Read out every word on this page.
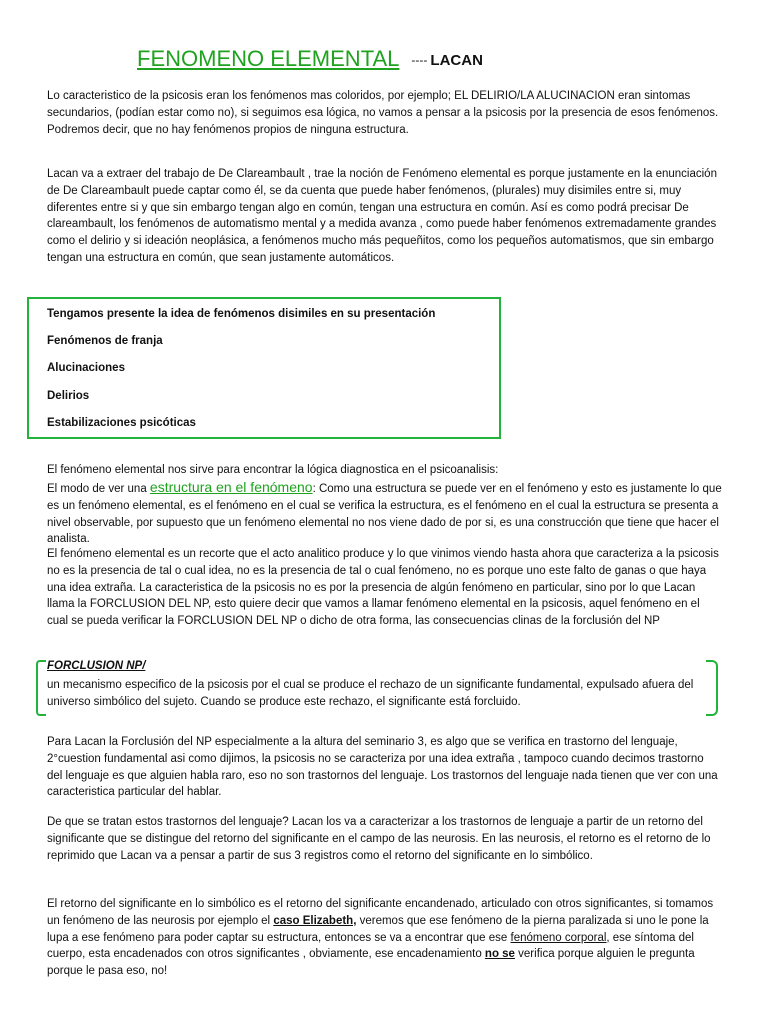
FENOMENO ELEMENTAL ---- LACAN
Lo caracteristico de la psicosis eran los fenómenos mas coloridos, por ejemplo; EL DELIRIO/LA ALUCINACION eran sintomas secundarios, (podían estar como no), si seguimos esa lógica, no vamos a pensar a la psicosis por la presencia de esos fenómenos.
Podremos decir, que no hay fenómenos propios de ninguna estructura.
Lacan va a extraer del trabajo de De Clareambault , trae la noción de Fenómeno elemental es porque justamente en la enunciación de De Clareambault puede captar como él, se da cuenta que puede haber fenómenos, (plurales) muy disimiles entre si, muy diferentes entre si y que sin embargo tengan algo en común, tengan una estructura en común. Así es como podrá precisar De clareambault, los fenómenos de automatismo mental y a medida avanza , como puede haber fenómenos extremadamente grandes como el delirio y si ideación neoplásica, a fenómenos mucho más pequeñitos, como los pequeños automatismos, que sin embargo tengan una estructura en común, que sean justamente automáticos.
Tengamos presente la idea de fenómenos disimiles en su presentación
Fenómenos de franja
Alucinaciones
Delirios
Estabilizaciones psicóticas
El fenómeno elemental nos sirve para encontrar la lógica diagnostica en el psicoanalisis:
El modo de ver una estructura en el fenómeno: Como una estructura se puede ver en el fenómeno y esto es justamente lo que es un fenómeno elemental, es el fenómeno en el cual se verifica la estructura, es el fenómeno en el cual la estructura se presenta a nivel observable, por supuesto que un fenómeno elemental no nos viene dado de por si, es una construcción que tiene que hacer el analista.
El fenómeno elemental es un recorte que el acto analitico produce y lo que vinimos viendo hasta ahora que caracteriza a la psicosis no es la presencia de tal o cual idea, no es la presencia de tal o cual fenómeno, no es porque uno este falto de ganas o que haya una idea extraña. La caracteristica de la psicosis no es por la presencia de algún fenómeno en particular, sino por lo que Lacan llama la FORCLUSION DEL NP, esto quiere decir que vamos a llamar fenómeno elemental en la psicosis, aquel fenómeno en el cual se pueda verificar la FORCLUSION DEL NP o dicho de otra forma, las consecuencias clinas de la forclusión del NP
FORCLUSION NP/
un mecanismo especifico de la psicosis por el cual se produce el rechazo de un significante fundamental, expulsado afuera del universo simbólico del sujeto. Cuando se produce este rechazo, el significante está forcluido.
Para Lacan la Forclusión del NP especialmente a la altura del seminario 3, es algo que se verifica en trastorno del lenguaje, 2°cuestion fundamental asi como dijimos, la psicosis no se caracteriza por una idea extraña , tampoco cuando decimos trastorno del lenguaje es que alguien habla raro, eso no son trastornos del lenguaje. Los trastornos del lenguaje nada tienen que ver con una caracteristica particular del hablar.
De que se tratan estos trastornos del lenguaje? Lacan los va a caracterizar a los trastornos de lenguaje a partir de un retorno del significante que se distingue del retorno del significante en el campo de las neurosis. En las neurosis, el retorno es el retorno de lo reprimido que Lacan va a pensar a partir de sus 3 registros como el retorno del significante en lo simbólico.
El retorno del significante en lo simbólico es el retorno del significante encandenado, articulado con otros significantes, si tomamos un fenómeno de las neurosis por ejemplo el caso Elizabeth, veremos que ese fenómeno de la pierna paralizada si uno le pone la lupa a ese fenómeno para poder captar su estructura, entonces se va a encontrar que ese fenómeno corporal, ese síntoma del cuerpo, esta encadenados con otros significantes , obviamente, ese encadenamiento no se verifica porque alguien le pregunta porque le pasa eso, no!
